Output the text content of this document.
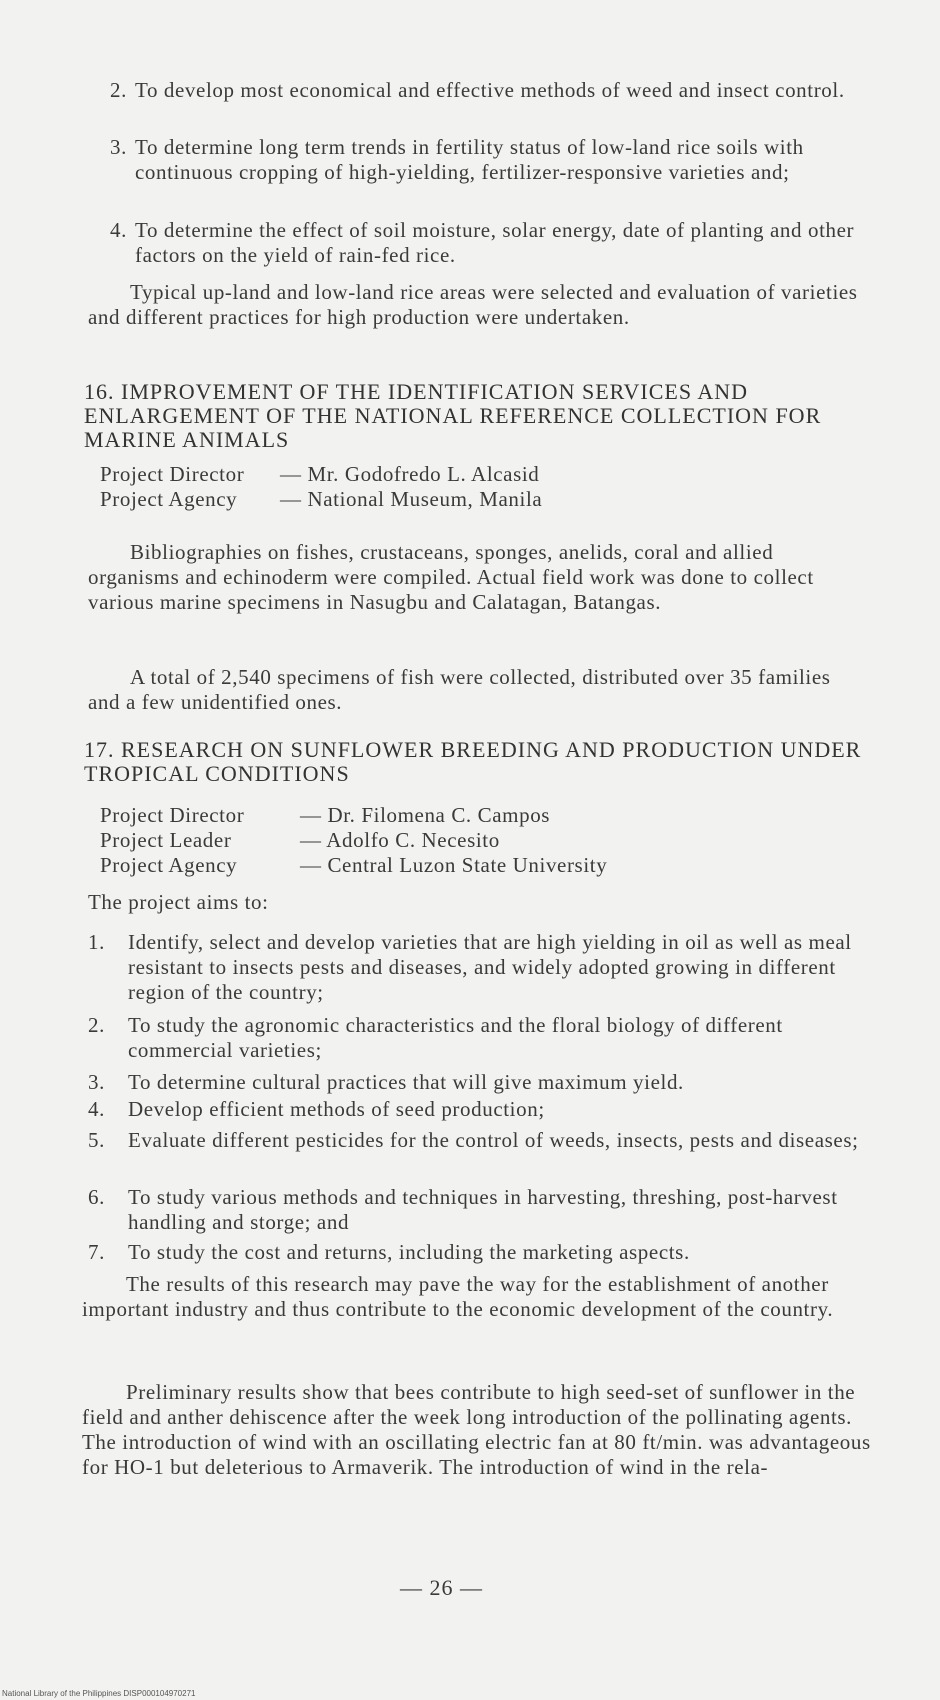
2. To develop most economical and effective methods of weed and insect control.
3. To determine long term trends in fertility status of low-land rice soils with continuous cropping of high-yielding, fertilizer-responsive varieties and;
4. To determine the effect of soil moisture, solar energy, date of planting and other factors on the yield of rain-fed rice.
Typical up-land and low-land rice areas were selected and evaluation of varieties and different practices for high production were undertaken.
16. IMPROVEMENT OF THE IDENTIFICATION SERVICES AND ENLARGEMENT OF THE NATIONAL REFERENCE COLLECTION FOR MARINE ANIMALS
Project Director	— Mr. Godofredo L. Alcasid
Project Agency	— National Museum, Manila
Bibliographies on fishes, crustaceans, sponges, anelids, coral and allied organisms and echinoderm were compiled. Actual field work was done to collect various marine specimens in Nasugbu and Calatagan, Batangas.
A total of 2,540 specimens of fish were collected, distributed over 35 families and a few unidentified ones.
17. RESEARCH ON SUNFLOWER BREEDING AND PRODUCTION UNDER TROPICAL CONDITIONS
Project Director	— Dr. Filomena C. Campos
Project Leader	— Adolfo C. Necesito
Project Agency	— Central Luzon State University
The project aims to:
1. Identify, select and develop varieties that are high yielding in oil as well as meal resistant to insects pests and diseases, and widely adopted growing in different region of the country;
2. To study the agronomic characteristics and the floral biology of different commercial varieties;
3. To determine cultural practices that will give maximum yield.
4. Develop efficient methods of seed production;
5. Evaluate different pesticides for the control of weeds, insects, pests and diseases;
6. To study various methods and techniques in harvesting, threshing, post-harvest handling and storge; and
7. To study the cost and returns, including the marketing aspects.
The results of this research may pave the way for the establishment of another important industry and thus contribute to the economic development of the country.
Preliminary results show that bees contribute to high seed-set of sunflower in the field and anther dehiscence after the week long introduction of the pollinating agents. The introduction of wind with an oscillating electric fan at 80 ft/min. was advantageous for HO-1 but deleterious to Armaverik. The introduction of wind in the rela-
— 26 —
National Library of the Philippines DISP000104970271
